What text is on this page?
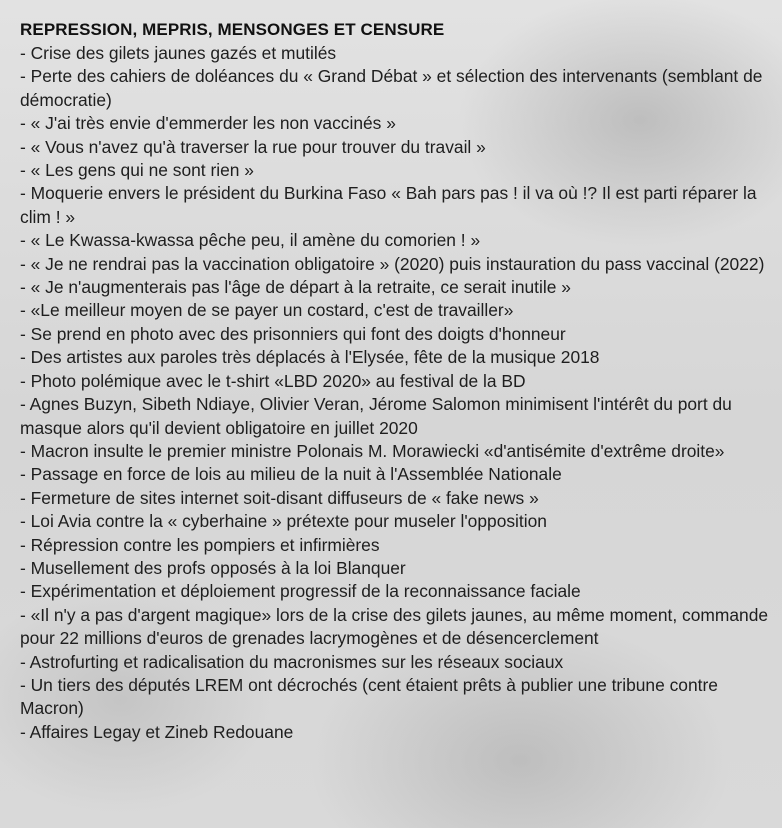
REPRESSION, MEPRIS, MENSONGES ET CENSURE
- Crise des gilets jaunes gazés et mutilés
- Perte des cahiers de doléances du « Grand Débat » et sélection des intervenants (semblant de démocratie)
- « J'ai très envie d'emmerder les non vaccinés »
- « Vous n'avez qu'à traverser la rue pour trouver du travail »
- « Les gens qui ne sont rien »
- Moquerie envers le président du Burkina Faso « Bah pars pas ! il va où !? Il est parti réparer la clim ! »
- « Le Kwassa-kwassa pêche peu, il amène du comorien ! »
- « Je ne rendrai pas la vaccination obligatoire » (2020) puis instauration du pass vaccinal (2022)
- « Je n'augmenterais pas l'âge de départ à la retraite, ce serait inutile »
- «Le meilleur moyen de se payer un costard, c'est de travailler»
- Se prend en photo avec des prisonniers qui font des doigts d'honneur
- Des artistes aux paroles très déplacés à l'Elysée, fête de la musique 2018
- Photo polémique avec le t-shirt «LBD 2020» au festival de la BD
- Agnes Buzyn, Sibeth Ndiaye, Olivier Veran, Jérome Salomon minimisent l'intérêt du port du masque alors qu'il devient obligatoire en juillet 2020
- Macron insulte le premier ministre Polonais M. Morawiecki «d'antisémite d'extrême droite»
- Passage en force de lois au milieu de la nuit à l'Assemblée Nationale
- Fermeture de sites internet soit-disant diffuseurs de « fake news »
- Loi Avia contre la « cyberhaine » prétexte pour museler l'opposition
- Répression contre les pompiers et infirmières
- Musellement des profs opposés à la loi Blanquer
- Expérimentation et déploiement progressif de la reconnaissance faciale
- «Il n'y a pas d'argent magique» lors de la crise des gilets jaunes, au même moment, commande pour 22 millions d'euros de grenades lacrymogènes et de désencerclement
- Astrofurting et radicalisation du macronismes sur les réseaux sociaux
- Un tiers des députés LREM ont décrochés (cent étaient prêts à publier une tribune contre Macron)
- Affaires Legay et Zineb Redouane
